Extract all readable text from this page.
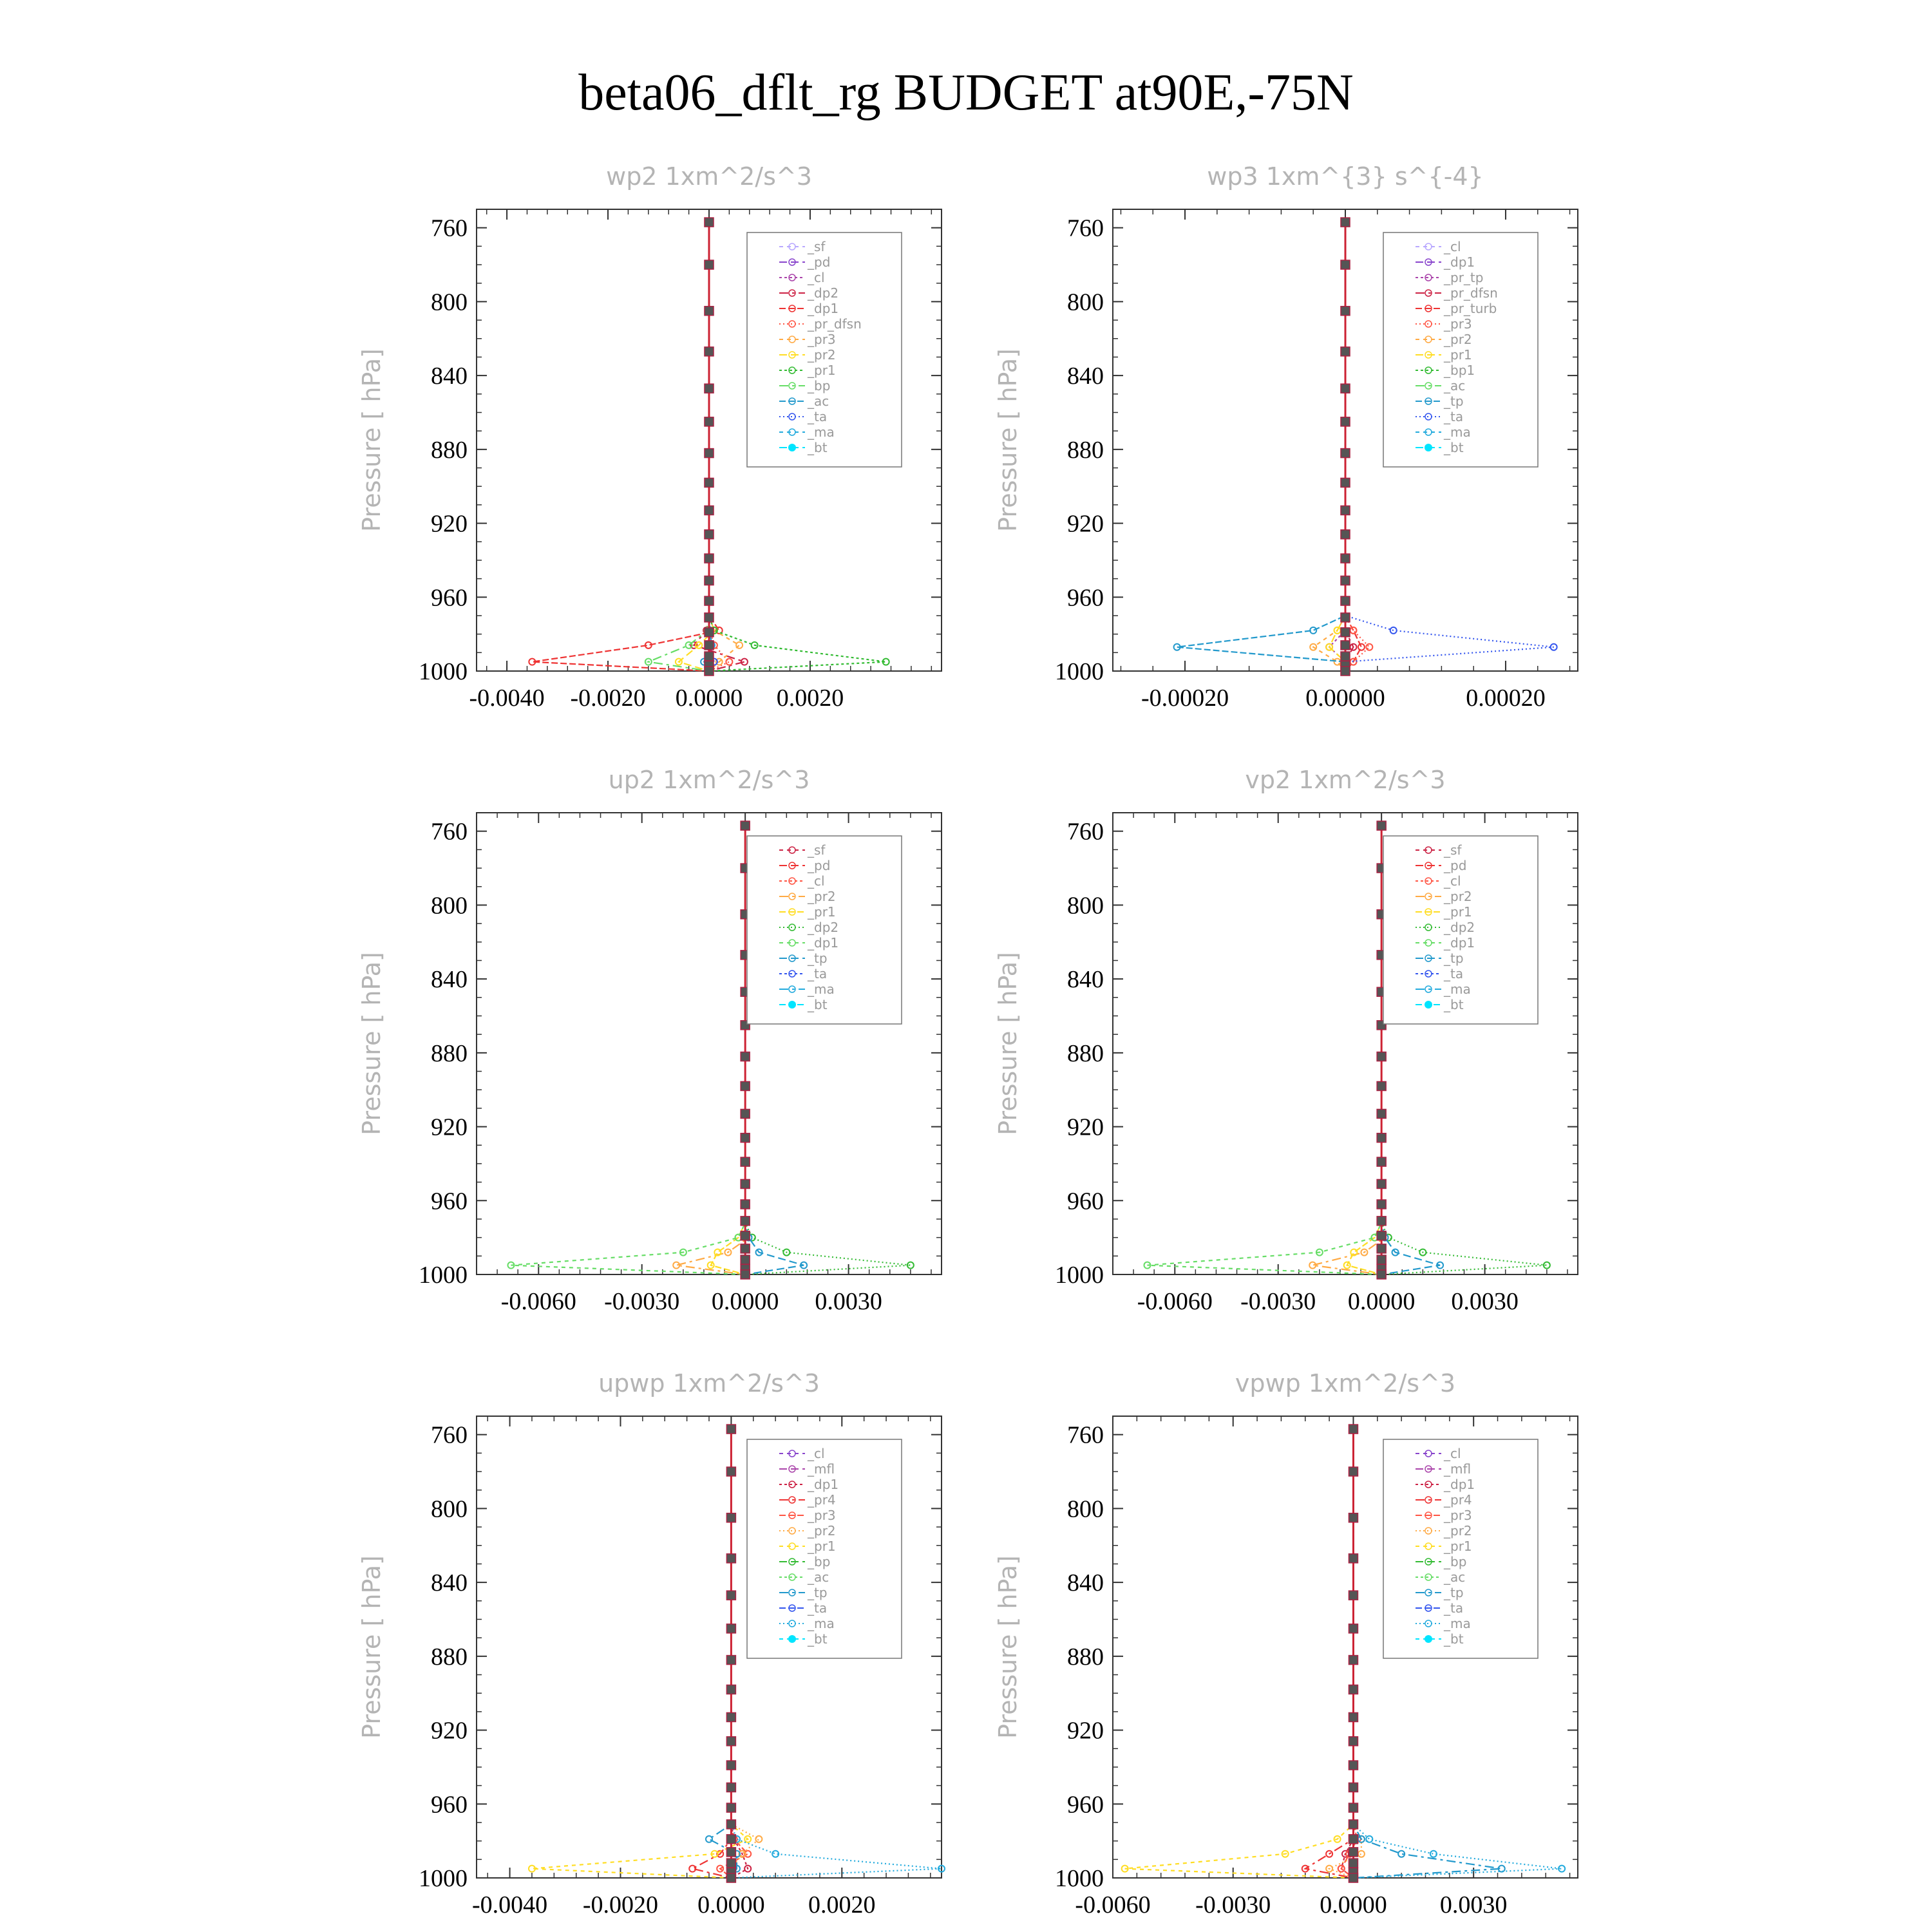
beta06_dflt_rg BUDGET at90E,-75N
wp2 1xm^2/s^3
Pressure [ hPa]
760
800
840
880
920
960
1000
-0.0040 -0.0020 0.0000 0.0020
_sf
_pd
_cl
_dp2
_dp1
_pr_dfsn
_pr3
_pr2
_pr1
_bp
_ac
_ta
_ma
_bt
wp3 1xm^{3} s^{-4}
Pressure [ hPa]
760
800
840
880
920
960
1000
-0.00020	0.00000	0.00020
_cl
_dp1
_pr_tp
_pr_dfsn
_pr_turb
_pr3
_pr2
_pr1
_bp1
_ac
_tp
_ta
_ma
_bt
up2 1xm^2/s^3
Pressure [ hPa]
760
800
840
880
920
960
1000
-0.0060 -0.0030 0.0000 0.0030
_sf
_pd
_cl
_pr2
_pr1
_dp2
_dp1
_tp
_ta
_ma
_bt
vp2 1xm^2/s^3
Pressure [ hPa]
760
800
840
880
920
960
1000
-0.0060 -0.0030 0.0000 0.0030
_sf
_pd
_cl
_pr2
_pr1
_dp2
_dp1
_tp
_ta
_ma
_bt
upwp 1xm^2/s^3
Pressure [ hPa]
760
800
840
880
920
960
1000
-0.0040 -0.0020 0.0000 0.0020
_cl
_mfl
_dp1
_pr4
_pr3
_pr2
_pr1
_bp
_ac
_tp
_ta
_ma
_bt
vpwp 1xm^2/s^3
Pressure [ hPa]
760
800
840
880
920
960
1000
-0.0060 -0.0030 0.0000 0.0030
_cl
_mfl
_dp1
_pr4
_pr3
_pr2
_pr1
_bp
_ac
_tp
_ta
_ma
_bt
